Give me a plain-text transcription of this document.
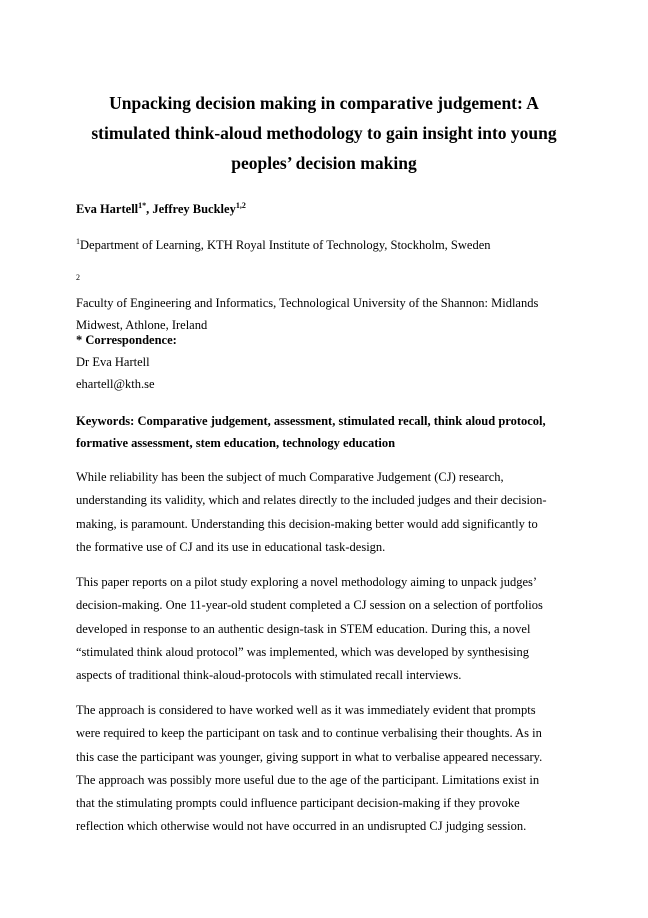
Unpacking decision making in comparative judgement: A
stimulated think-aloud methodology to gain insight into young
peoples’ decision making
Eva Hartell$^{1*}$, Jeffrey Buckley$^{1,2}$
$^1$Department of Learning, KTH Royal Institute of Technology, Stockholm, Sweden
$^2$
Faculty of Engineering and Informatics, Technological University of the Shannon: Midlands
Midwest, Athlone, Ireland
* Correspondence:
Dr Eva Hartell
ehartell@kth.se
Keywords: Comparative judgement, assessment, stimulated recall, think aloud protocol,
formative assessment, stem education, technology education
While reliability has been the subject of much Comparative Judgement (CJ) research,
understanding its validity, which and relates directly to the included judges and their decision-
making, is paramount. Understanding this decision-making better would add significantly to
the formative use of CJ and its use in educational task-design.
This paper reports on a pilot study exploring a novel methodology aiming to unpack judges’
decision-making. One 11-year-old student completed a CJ session on a selection of portfolios
developed in response to an authentic design-task in STEM education. During this, a novel
“stimulated think aloud protocol” was implemented, which was developed by synthesising
aspects of traditional think-aloud-protocols with stimulated recall interviews.
The approach is considered to have worked well as it was immediately evident that prompts
were required to keep the participant on task and to continue verbalising their thoughts. As in
this case the participant was younger, giving support in what to verbalise appeared necessary.
The approach was possibly more useful due to the age of the participant. Limitations exist in
that the stimulating prompts could influence participant decision-making if they provoke
reflection which otherwise would not have occurred in an undisrupted CJ judging session.
